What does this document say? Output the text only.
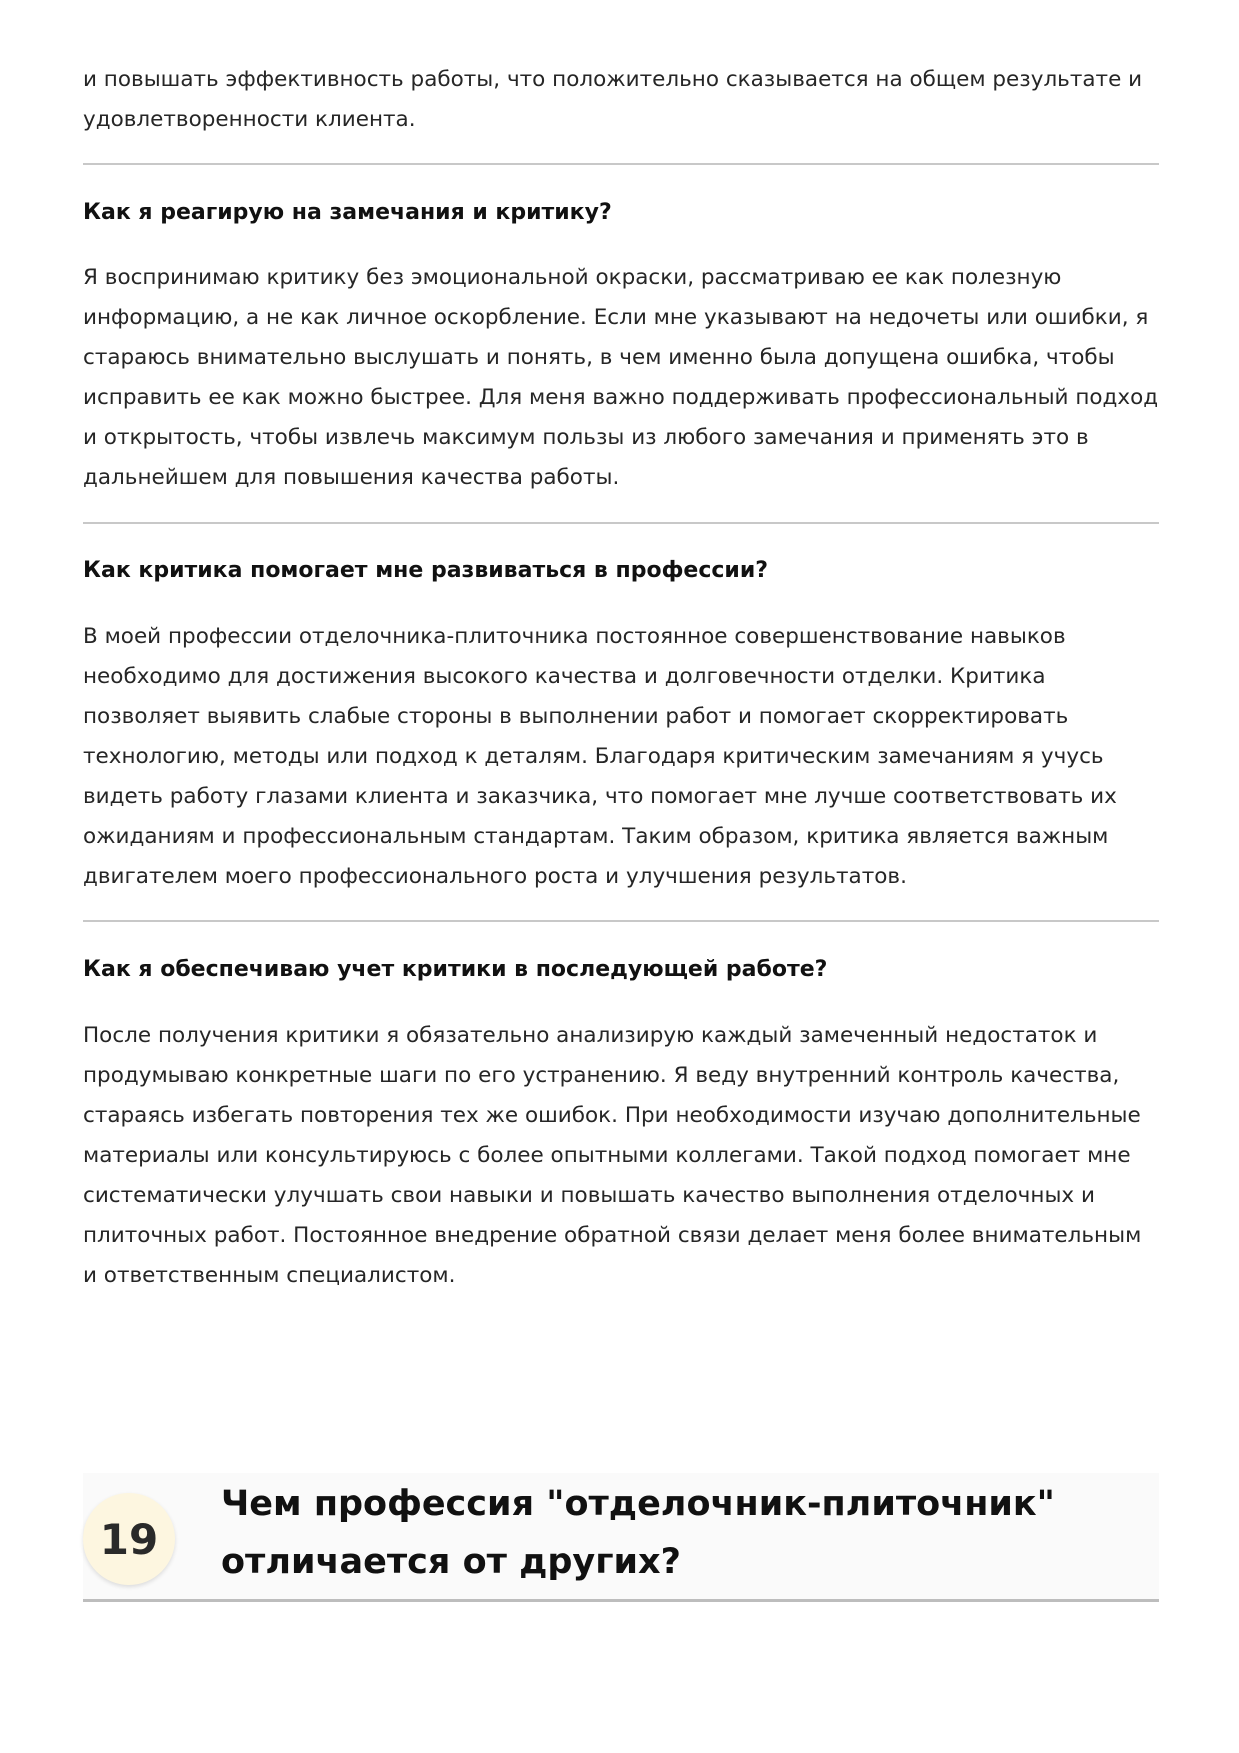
и повышать эффективность работы, что положительно сказывается на общем результате и удовлетворенности клиента.

Как я реагирую на замечания и критику?

Я воспринимаю критику без эмоциональной окраски, рассматриваю ее как полезную информацию, а не как личное оскорбление. Если мне указывают на недочеты или ошибки, я стараюсь внимательно выслушать и понять, в чем именно была допущена ошибка, чтобы исправить ее как можно быстрее. Для меня важно поддерживать профессиональный подход и открытость, чтобы извлечь максимум пользы из любого замечания и применять это в дальнейшем для повышения качества работы.

Как критика помогает мне развиваться в профессии?

В моей профессии отделочника-плиточника постоянное совершенствование навыков необходимо для достижения высокого качества и долговечности отделки. Критика позволяет выявить слабые стороны в выполнении работ и помогает скорректировать технологию, методы или подход к деталям. Благодаря критическим замечаниям я учусь видеть работу глазами клиента и заказчика, что помогает мне лучше соответствовать их ожиданиям и профессиональным стандартам. Таким образом, критика является важным двигателем моего профессионального роста и улучшения результатов.

Как я обеспечиваю учет критики в последующей работе?

После получения критики я обязательно анализирую каждый замеченный недостаток и продумываю конкретные шаги по его устранению. Я веду внутренний контроль качества, стараясь избегать повторения тех же ошибок. При необходимости изучаю дополнительные материалы или консультируюсь с более опытными коллегами. Такой подход помогает мне систематически улучшать свои навыки и повышать качество выполнения отделочных и плиточных работ. Постоянное внедрение обратной связи делает меня более внимательным и ответственным специалистом.

19
Чем профессия "отделочник-плиточник" отличается от других?
